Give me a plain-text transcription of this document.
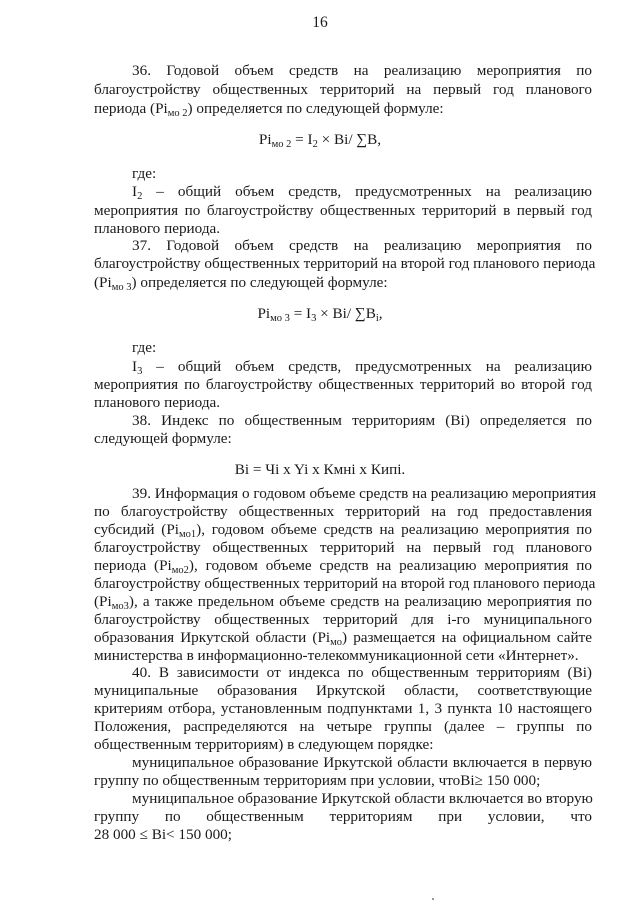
16
36. Годовой объем средств на реализацию мероприятия по
благоустройству общественных территорий на первый год планового
периода $(Pi_{мо 2})$ определяется по следующей формуле:
$Pi_{мо 2} = I_2 \times Bi/$ ∑B,
где:
$I_2$ – общий объем средств, предусмотренных на реализацию
мероприятия по благоустройству общественных территорий в первый год
планового периода.
37. Годовой объем средств на реализацию мероприятия по
благоустройству общественных территорий на второй год планового периода
$(Pi_{мо 3})$ определяется по следующей формуле:
$Pi_{мо 3} = I_3 \times Bi/$ $\sum B_i$,
где:
$I_3$ – общий объем средств, предусмотренных на реализацию
мероприятия по благоустройству общественных территорий во второй год
планового периода.
38. Индекс по общественным территориям (Bi) определяется по
следующей формуле:
Bi = Чi x Yi x Кмнi x Кипi.
39. Информация о годовом объеме средств на реализацию мероприятия
по благоустройству общественных территорий на год предоставления
субсидий $(Pi_{мо1})$, годовом объеме средств на реализацию мероприятия по
благоустройству общественных территорий на первый год планового
периода $(Pi_{мо2})$, годовом объеме средств на реализацию мероприятия по
благоустройству общественных территорий на второй год планового периода
$(Pi_{мо3})$, а также предельном объеме средств на реализацию мероприятия по
благоустройству общественных территорий для i-го муниципального
образования Иркутской области $(Pi_{мо})$ размещается на официальном сайте
министерства в информационно-телекоммуникационной сети «Интернет».
40. В зависимости от индекса по общественным территориям (Bi)
муниципальные образования Иркутской области, соответствующие
критериям отбора, установленным подпунктами 1, 3 пункта 10 настоящего
Положения, распределяются на четыре группы (далее – группы по
общественным территориям) в следующем порядке:
муниципальное образование Иркутской области включается в первую
группу по общественным территориям при условии, чтоBi≥ 150 000;
муниципальное образование Иркутской области включается во вторую
группу по общественным территориям при условии, что
28 000 ≤ Bi< 150 000;
